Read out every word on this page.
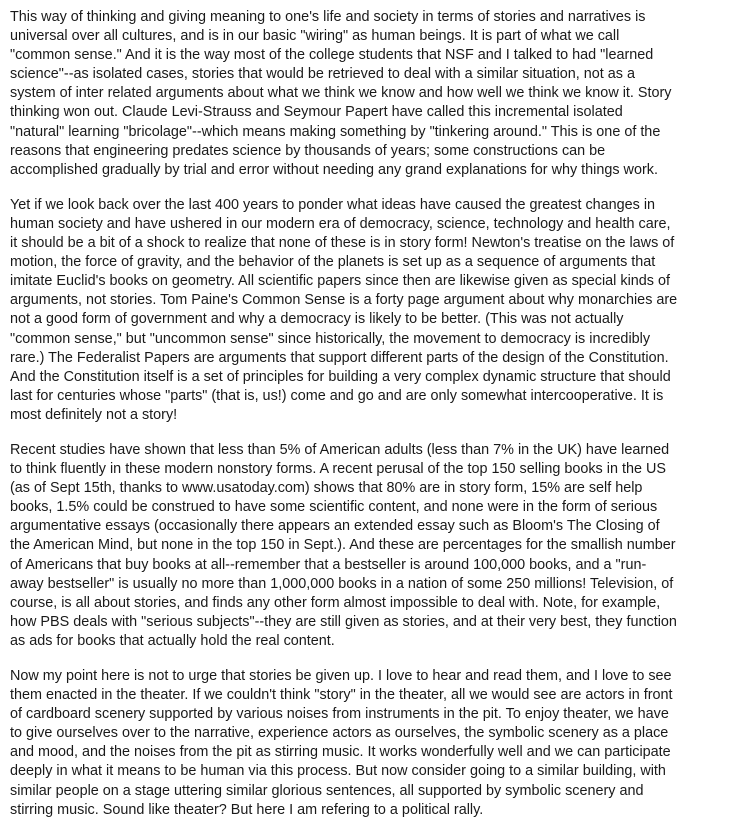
This way of thinking and giving meaning to one's life and society in terms of stories and narratives is
universal over all cultures, and is in our basic "wiring" as human beings. It is part of what we call
"common sense." And it is the way most of the college students that NSF and I talked to had "learned
science"--as isolated cases, stories that would be retrieved to deal with a similar situation, not as a
system of inter related arguments about what we think we know and how well we think we know it. Story
thinking won out. Claude Levi-Strauss and Seymour Papert have called this incremental isolated
"natural" learning "bricolage"--which means making something by "tinkering around." This is one of the
reasons that engineering predates science by thousands of years; some constructions can be
accomplished gradually by trial and error without needing any grand explanations for why things work.

Yet if we look back over the last 400 years to ponder what ideas have caused the greatest changes in
human society and have ushered in our modern era of democracy, science, technology and health care,
it should be a bit of a shock to realize that none of these is in story form! Newton's treatise on the laws of
motion, the force of gravity, and the behavior of the planets is set up as a sequence of arguments that
imitate Euclid's books on geometry. All scientific papers since then are likewise given as special kinds of
arguments, not stories. Tom Paine's Common Sense is a forty page argument about why monarchies are
not a good form of government and why a democracy is likely to be better. (This was not actually
"common sense," but "uncommon sense" since historically, the movement to democracy is incredibly
rare.) The Federalist Papers are arguments that support different parts of the design of the Constitution.
And the Constitution itself is a set of principles for building a very complex dynamic structure that should
last for centuries whose "parts" (that is, us!) come and go and are only somewhat intercooperative. It is
most definitely not a story!

Recent studies have shown that less than 5% of American adults (less than 7% in the UK) have learned
to think fluently in these modern nonstory forms. A recent perusal of the top 150 selling books in the US
(as of Sept 15th, thanks to www.usatoday.com) shows that 80% are in story form, 15% are self help
books, 1.5% could be construed to have some scientific content, and none were in the form of serious
argumentative essays (occasionally there appears an extended essay such as Bloom's The Closing of
the American Mind, but none in the top 150 in Sept.). And these are percentages for the smallish number
of Americans that buy books at all--remember that a bestseller is around 100,000 books, and a "run-
away bestseller" is usually no more than 1,000,000 books in a nation of some 250 millions! Television, of
course, is all about stories, and finds any other form almost impossible to deal with. Note, for example,
how PBS deals with "serious subjects"--they are still given as stories, and at their very best, they function
as ads for books that actually hold the real content.

Now my point here is not to urge that stories be given up. I love to hear and read them, and I love to see
them enacted in the theater. If we couldn't think "story" in the theater, all we would see are actors in front
of cardboard scenery supported by various noises from instruments in the pit. To enjoy theater, we have
to give ourselves over to the narrative, experience actors as ourselves, the symbolic scenery as a place
and mood, and the noises from the pit as stirring music. It works wonderfully well and we can participate
deeply in what it means to be human via this process. But now consider going to a similar building, with
similar people on a stage uttering similar glorious sentences, all supported by symbolic scenery and
stirring music. Sound like theater? But here I am refering to a political rally.
